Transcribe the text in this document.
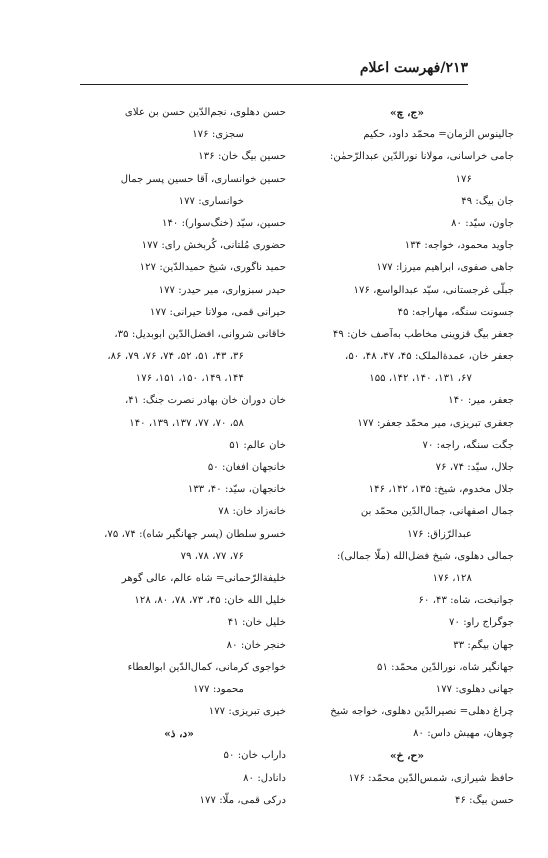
۲۱۳/فهرست اعلام
«ج، چ»
جالینوس الزمان= محمّد داود، حکیم
جامی خراسانی، مولانا نورالدّین عبدالرّحمٰن:
۱۷۶
جان بیگ: ۴۹
جاون، سیّد: ۸۰
جاوید محمود، خواجه: ۱۳۴
جاهی صفوی، ابراهیم میرزا: ۱۷۷
جبلّی غرجستانی، سیّد عبدالواسع، ۱۷۶
جسونت سنگه، مهاراجه: ۴۵
جعفر بیگ قزوینی مخاطب به‌آصف خان: ۴۹
جعفر خان، عمدةالملک: ۴۵، ۴۷، ۴۸، ۵۰،
۶۷، ۱۳۱، ۱۴۰، ۱۴۲، ۱۵۵
جعفر، میر: ۱۴۰
جعفری تبریزی، میر محمّد جعفر: ۱۷۷
جگت سنگه، راجه: ۷۰
جلال، سیّد: ۷۴، ۷۶
جلال مخدوم، شیخ: ۱۳۵، ۱۴۲، ۱۴۶
جمال اصفهانی، جمال‌الدّین محمّد بن
عبدالرّزاق: ۱۷۶
جمالی دهلوی، شیخ فضل‌الله (ملّا جمالی):
۱۲۸، ۱۷۶
جوانبخت، شاه: ۴۳، ۶۰
جوگراج راو: ۷۰
جهان بیگم: ۳۳
جهانگیر شاه، نورالدّین محمّد: ۵۱
جهانی دهلوی: ۱۷۷
چراغ دهلی= نصیرالدّین دهلوی، خواجه شیخ
چوهان، مهیش داس: ۸۰
«ح، خ»
حافظ شیرازی، شمس‌الدّین محمّد: ۱۷۶
حسن بیگ: ۴۶
حسن دهلوی، نجم‌الدّین حسن بن علای
سجزی: ۱۷۶
حسین بیگ خان: ۱۳۶
حسین خوانساری، آقا حسین پسر جمال
خوانساری: ۱۷۷
حسین، سیّد (خنگ‌سوار): ۱۴۰
حضوری مُلتانی، کُربخش رای: ۱۷۷
حمید ناگوری، شیخ حمیدالدّین: ۱۲۷
حیدر سبزواری، میر حیدر: ۱۷۷
حیرانی قمی، مولانا حیرانی: ۱۷۷
خاقانی شروانی، افضل‌الدّین ابوبدیل: ۳۵،
۳۶، ۴۳، ۵۱، ۵۲، ۷۴، ۷۶، ۷۹، ۸۶،
۱۴۴، ۱۴۹، ۱۵۰، ۱۵۱، ۱۷۶
خان دوران خان بهادر نصرت جنگ: ۴۱،
۵۸، ۷۰، ۷۷، ۱۳۷، ۱۳۹، ۱۴۰
خان عالم: ۵۱
خانجهان افغان: ۵۰
خانجهان، سیّد: ۴۰، ۱۳۳
خانه‌زاد خان: ۷۸
خسرو سلطان (پسر جهانگیر شاه): ۷۴، ۷۵،
۷۶، ۷۷، ۷۸، ۷۹
خلیفةالرّحمانی= شاه عالم، عالی گوهر
خلیل الله خان: ۴۵، ۷۳، ۷۸، ۸۰، ۱۲۸
خلیل خان: ۴۱
خنجر خان: ۸۰
خواجوی کرمانی، کمال‌الدّین ابوالعطاء
محمود: ۱۷۷
خیری تبریزی: ۱۷۷
«د، ذ»
داراب خان: ۵۰
دانادل: ۸۰
درکی قمی، ملّا: ۱۷۷
